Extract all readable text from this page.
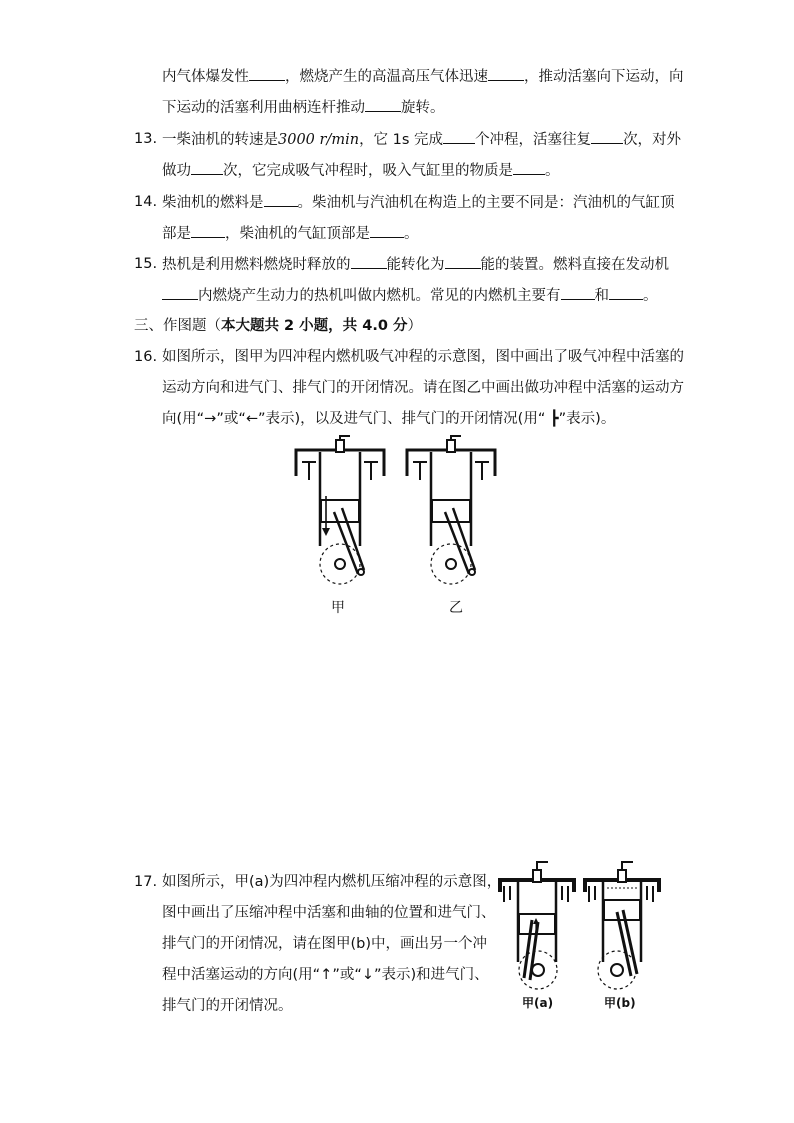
内气体爆发性 ，燃烧产生的高温高压气体迅速 ，推动活塞向下运动，向
下运动的活塞利用曲柄连杆推动 旋转。
13. 一柴油机的转速是3000 r/min，它 1s 完成 个冲程，活塞往复 次，对外
做功 次，它完成吸气冲程时，吸入气缸里的物质是 。
14. 柴油机的燃料是 。柴油机与汽油机在构造上的主要不同是：汽油机的气缸顶
部是 ，柴油机的气缸顶部是 。
15. 热机是利用燃料燃烧时释放的 能转化为 能的装置。燃料直接在发动机
内燃烧产生动力的热机叫做内燃机。常见的内燃机主要有 和 。
三、作图题（本大题共 2 小题，共 4.0 分）
16. 如图所示，图甲为四冲程内燃机吸气冲程的示意图，图中画出了吸气冲程中活塞的
运动方向和进气门、排气门的开闭情况。请在图乙中画出做功冲程中活塞的运动方
向(用“→”或“←”表示)，以及进气门、排气门的开闭情况(用“ ┣”表示)。
甲	乙
17. 如图所示，甲(a)为四冲程内燃机压缩冲程的示意图，
图中画出了压缩冲程中活塞和曲轴的位置和进气门、
排气门的开闭情况，请在图甲(b)中，画出另一个冲
程中活塞运动的方向(用“↑”或“↓”表示)和进气门、
排气门的开闭情况。	甲(a)	甲(b)
